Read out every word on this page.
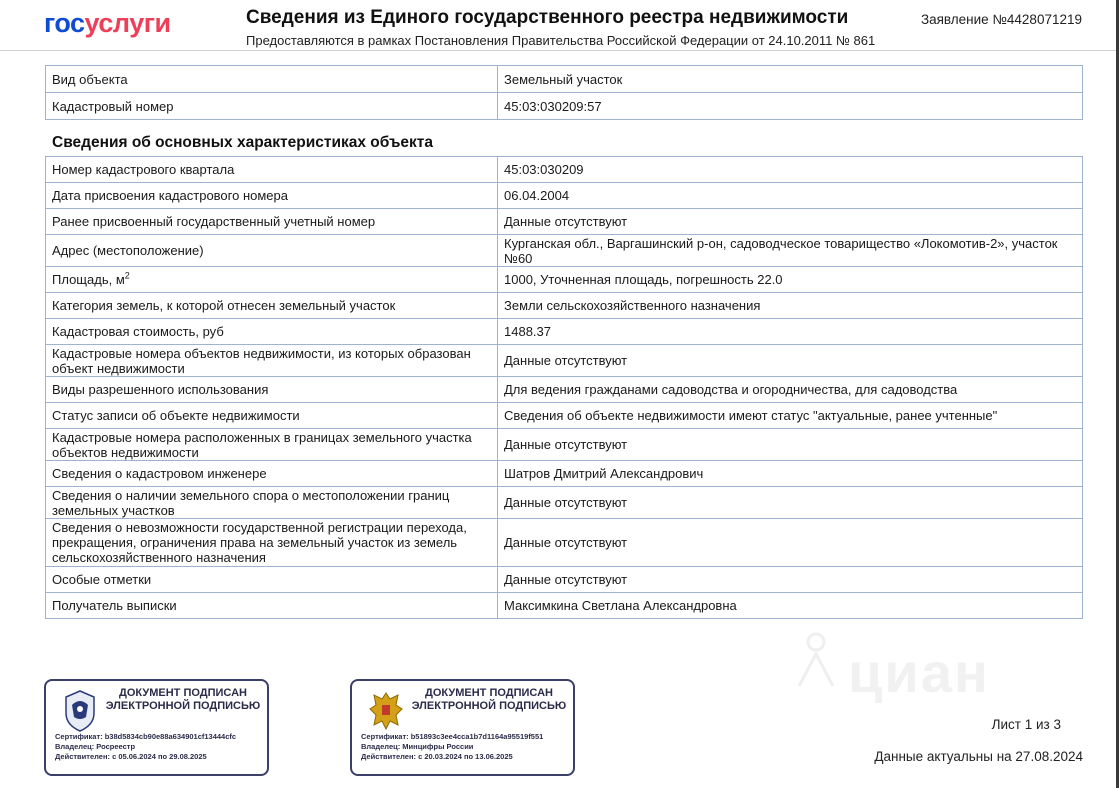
госуслуги	Сведения из Единого государственного реестра недвижимости
Предоставляются в рамках Постановления Правительства Российской Федерации от 24.10.2011 № 861
Заявление №4428071219
Вид объекта	Земельный участок
Кадастровый номер	45:03:030209:57
Сведения об основных характеристиках объекта
Номер кадастрового квартала	45:03:030209
Дата присвоения кадастрового номера	06.04.2004
Ранее присвоенный государственный учетный номер	Данные отсутствуют
Адрес (местоположение)	Курганская обл., Варгашинский р-он, садоводческое товарищество «Локомотив-2», участок №60
Площадь, $м^2$	1000, Уточненная площадь, погрешность 22.0
Категория земель, к которой отнесен земельный участок	Земли сельскохозяйственного назначения
Кадастровая стоимость, руб	1488.37
Кадастровые номера объектов недвижимости, из которых образован объект недвижимости	Данные отсутствуют
Виды разрешенного использования	Для ведения гражданами садоводства и огородничества, для садоводства
Статус записи об объекте недвижимости	Сведения об объекте недвижимости имеют статус "актуальные, ранее учтенные"
Кадастровые номера расположенных в границах земельного участка объектов недвижимости	Данные отсутствуют
Сведения о кадастровом инженере	Шатров Дмитрий Александрович
Сведения о наличии земельного спора о местоположении границ земельных участков	Данные отсутствуют
Сведения о невозможности государственной регистрации перехода, прекращения, ограничения права на земельный участок из земель сельскохозяйственного назначения	Данные отсутствуют
Особые отметки	Данные отсутствуют
Получатель выписки	Максимкина Светлана Александровна
циан
ДОКУМЕНТ ПОДПИСАН ЭЛЕКТРОННОЙ ПОДПИСЬЮ
Сертификат: b38d5834cb90e88a634901cf13444cfc
Владелец: Росреестр
Действителен: с 05.06.2024 по 29.08.2025
ДОКУМЕНТ ПОДПИСАН ЭЛЕКТРОННОЙ ПОДПИСЬЮ
Сертификат: b51893c3ee4cca1b7d1164a95519f551
Владелец: Минцифры России
Действителен: с 20.03.2024 по 13.06.2025
Лист 1 из 3
Данные актуальны на 27.08.2024
